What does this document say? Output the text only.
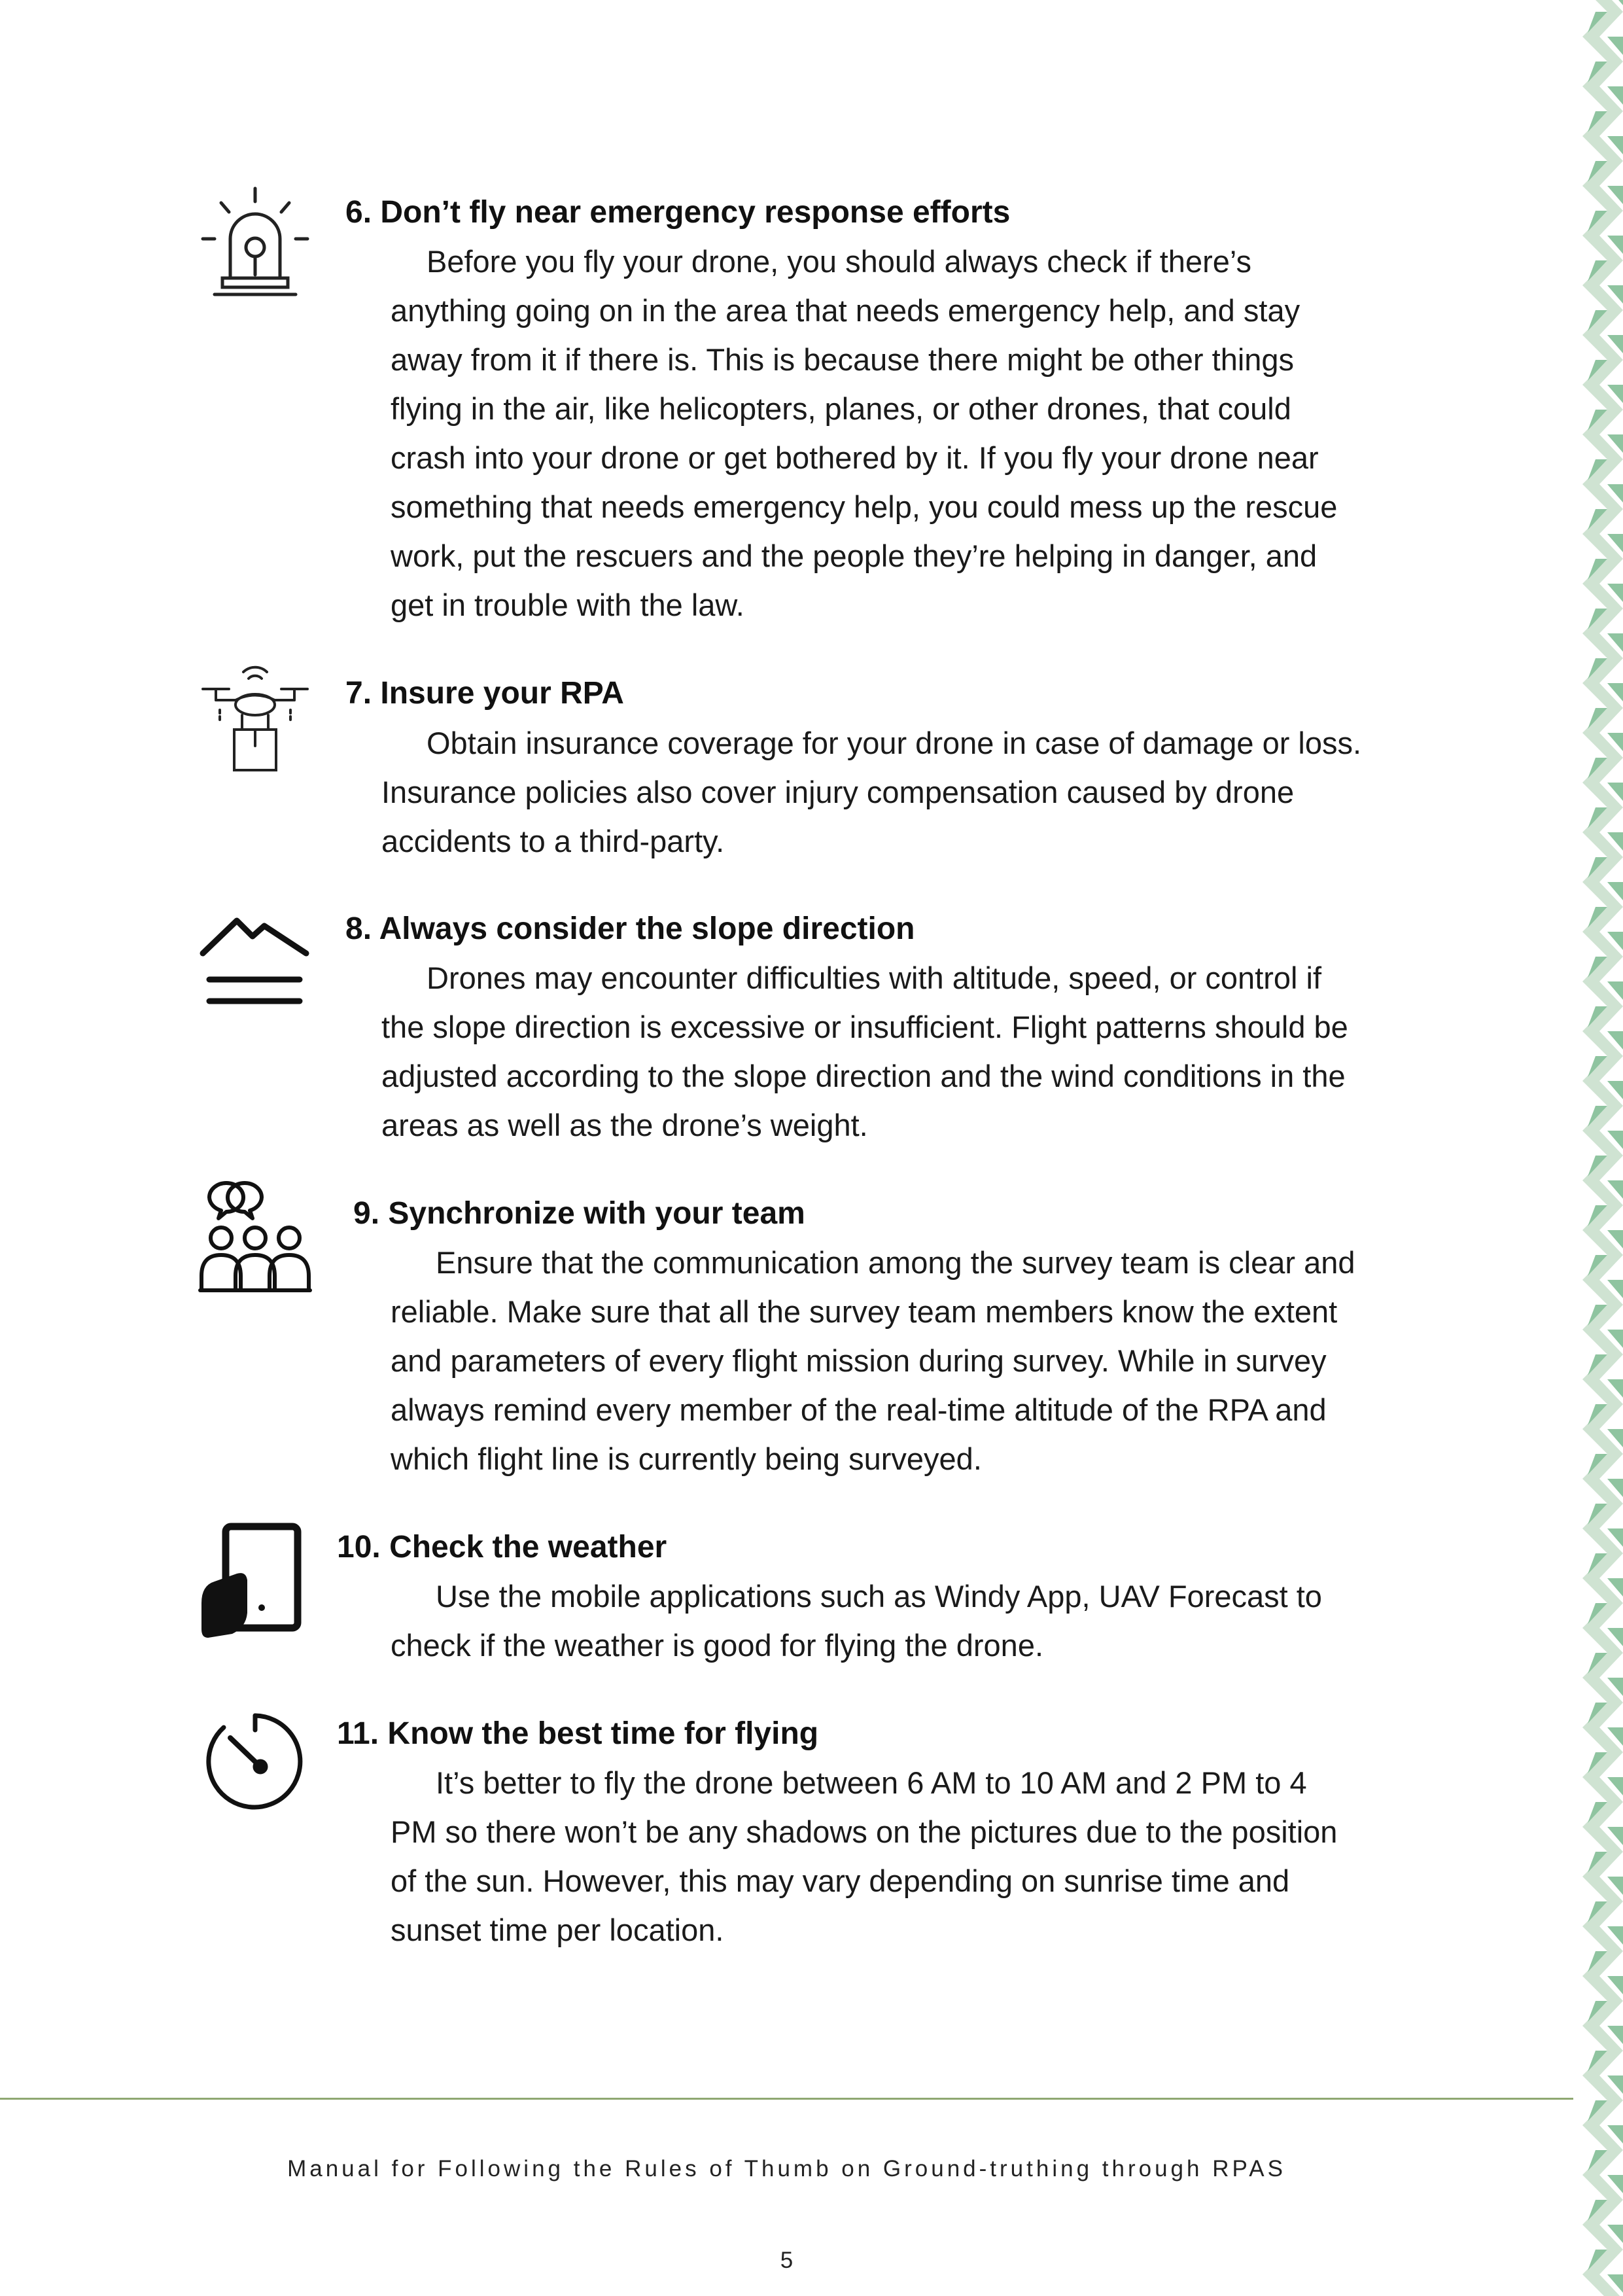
6. Don’t fly near emergency response efforts

Before you fly your drone, you should always check if there’s
anything going on in the area that needs emergency help, and stay
away from it if there is. This is because there might be other things
flying in the air, like helicopters, planes, or other drones, that could
crash into your drone or get bothered by it. If you fly your drone near
something that needs emergency help, you could mess up the rescue
work, put the rescuers and the people they’re helping in danger, and
get in trouble with the law.

7. Insure your RPA

Obtain insurance coverage for your drone in case of damage or loss.
Insurance policies also cover injury compensation caused by drone
accidents to a third-party.

8. Always consider the slope direction

Drones may encounter difficulties with altitude, speed, or control if
the slope direction is excessive or insufficient. Flight patterns should be
adjusted according to the slope direction and the wind conditions in the
areas as well as the drone’s weight.

9. Synchronize with your team

Ensure that the communication among the survey team is clear and
reliable. Make sure that all the survey team members know the extent
and parameters of every flight mission during survey. While in survey
always remind every member of the real-time altitude of the RPA and
which flight line is currently being surveyed.

10. Check the weather

Use the mobile applications such as Windy App, UAV Forecast to
check if the weather is good for flying the drone.

11. Know the best time for flying

It’s better to fly the drone between 6 AM to 10 AM and 2 PM to 4
PM so there won’t be any shadows on the pictures due to the position
of the sun. However, this may vary depending on sunrise time and
sunset time per location.
Manual for Following the Rules of Thumb on Ground-truthing through RPAS
5
